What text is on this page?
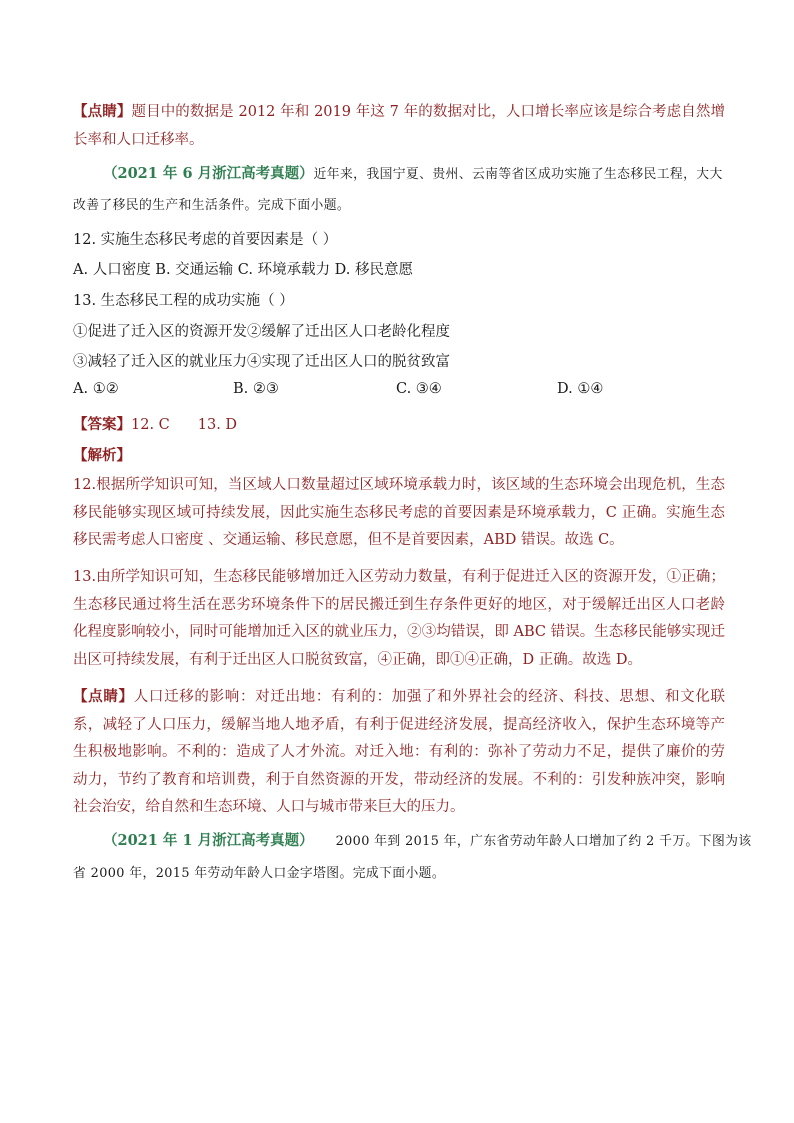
【点睛】题目中的数据是 2012 年和 2019 年这 7 年的数据对比，人口增长率应该是综合考虑自然增长率和人口迁移率。
（2021 年 6 月浙江高考真题）近年来，我国宁夏、贵州、云南等省区成功实施了生态移民工程，大大
改善了移民的生产和生活条件。完成下面小题。
12. 实施生态移民考虑的首要因素是（ ）
A. 人口密度 B. 交通运输 C. 环境承载力 D. 移民意愿
13. 生态移民工程的成功实施（ ）
①促进了迁入区的资源开发②缓解了迁出区人口老龄化程度
③减轻了迁入区的就业压力④实现了迁出区人口的脱贫致富
A. ①②	B. ②③	C. ③④	D. ①④
【答案】12. C 13. D
【解析】
12.根据所学知识可知，当区域人口数量超过区域环境承载力时，该区域的生态环境会出现危机，生态移民能够实现区域可持续发展，因此实施生态移民考虑的首要因素是环境承载力，C 正确。实施生态移民需考虑人口密度 、交通运输、移民意愿，但不是首要因素，ABD 错误。故选 C。
13.由所学知识可知，生态移民能够增加迁入区劳动力数量，有利于促进迁入区的资源开发，①正确；生态移民通过将生活在恶劣环境条件下的居民搬迁到生存条件更好的地区，对于缓解迁出区人口老龄化程度影响较小，同时可能增加迁入区的就业压力，②③均错误，即 ABC 错误。生态移民能够实现迁出区可持续发展，有利于迁出区人口脱贫致富，④正确，即①④正确，D 正确。故选 D。
【点睛】人口迁移的影响：对迁出地：有利的：加强了和外界社会的经济、科技、思想、和文化联系，减轻了人口压力，缓解当地人地矛盾，有利于促进经济发展，提高经济收入，保护生态环境等产生积极地影响。不利的：造成了人才外流。对迁入地：有利的：弥补了劳动力不足，提供了廉价的劳动力，节约了教育和培训费，利于自然资源的开发，带动经济的发展。不利的：引发种族冲突，影响社会治安，给自然和生态环境、人口与城市带来巨大的压力。
（2021 年 1 月浙江高考真题） 2000 年到 2015 年，广东省劳动年龄人口增加了约 2 千万。下图为该
省 2000 年，2015 年劳动年龄人口金字塔图。完成下面小题。
